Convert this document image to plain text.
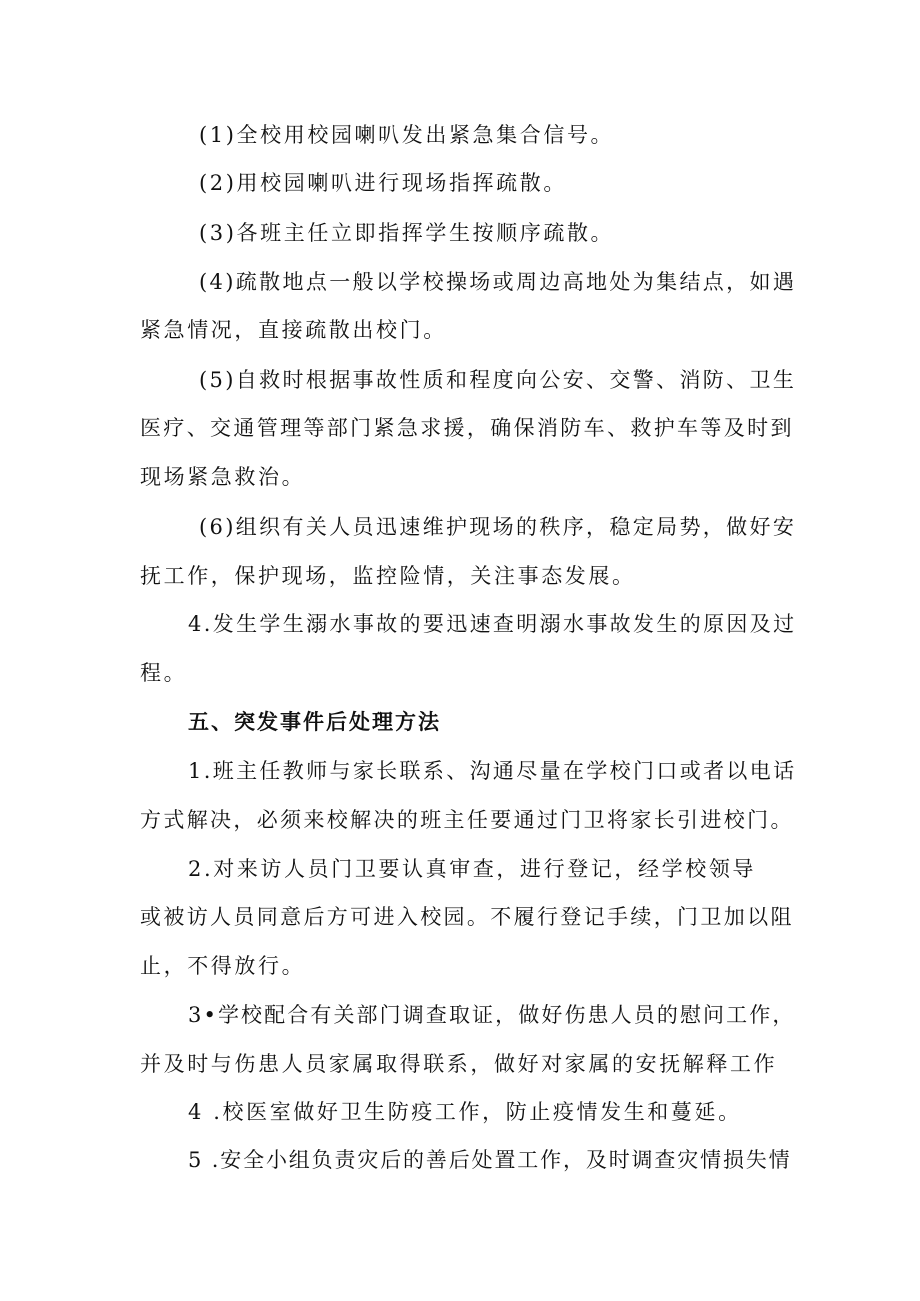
(1)全校用校园喇叭发出紧急集合信号。
(2)用校园喇叭进行现场指挥疏散。
(3)各班主任立即指挥学生按顺序疏散。
(4)疏散地点一般以学校操场或周边高地处为集结点，如遇
紧急情况，直接疏散出校门。
(5)自救时根据事故性质和程度向公安、交警、消防、卫生
医疗、交通管理等部门紧急求援，确保消防车、救护车等及时到
现场紧急救治。
(6)组织有关人员迅速维护现场的秩序，稳定局势，做好安
抚工作，保护现场，监控险情，关注事态发展。
4.发生学生溺水事故的要迅速查明溺水事故发生的原因及过
程。
五、突发事件后处理方法
1.班主任教师与家长联系、沟通尽量在学校门口或者以电话
方式解决，必须来校解决的班主任要通过门卫将家长引进校门。
2.对来访人员门卫要认真审查，进行登记，经学校领导
或被访人员同意后方可进入校园。不履行登记手续，门卫加以阻
止，不得放行。
3•学校配合有关部门调查取证，做好伤患人员的慰问工作，
并及时与伤患人员家属取得联系，做好对家属的安抚解释工作
4 .校医室做好卫生防疫工作，防止疫情发生和蔓延。
5 .安全小组负责灾后的善后处置工作，及时调查灾情损失情
